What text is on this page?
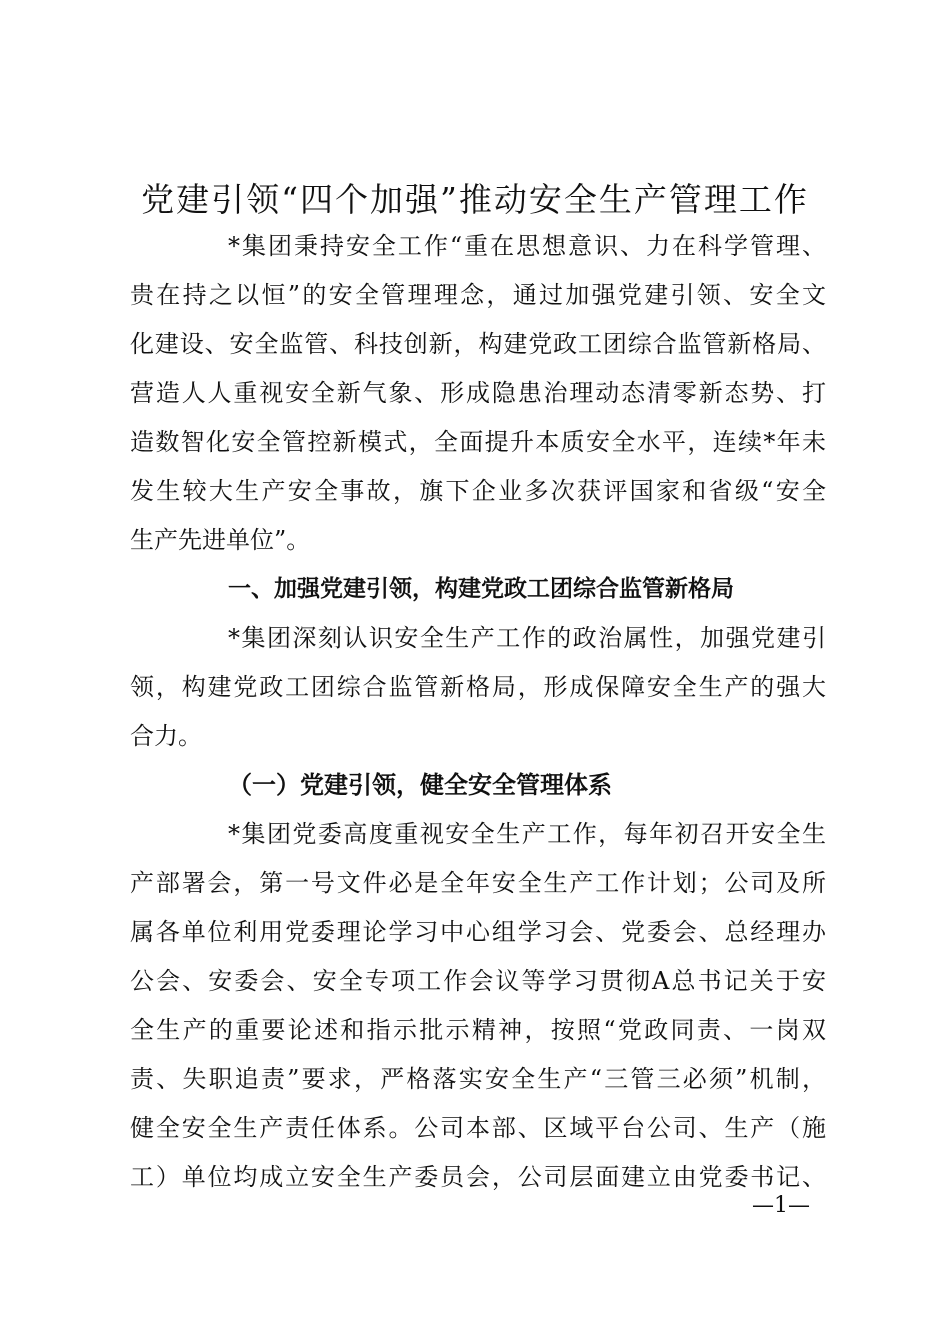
党建引领“四个加强”推动安全生产管理工作
*集团秉持安全工作“重在思想意识、力在科学管理、
贵在持之以恒”的安全管理理念，通过加强党建引领、安全文
化建设、安全监管、科技创新，构建党政工团综合监管新格局、
营造人人重视安全新气象、形成隐患治理动态清零新态势、打
造数智化安全管控新模式，全面提升本质安全水平，连续*年未
发生较大生产安全事故，旗下企业多次获评国家和省级“安全
生产先进单位”。
一、加强党建引领，构建党政工团综合监管新格局
*集团深刻认识安全生产工作的政治属性，加强党建引
领，构建党政工团综合监管新格局，形成保障安全生产的强大
合力。
（一）党建引领，健全安全管理体系
*集团党委高度重视安全生产工作，每年初召开安全生
产部署会，第一号文件必是全年安全生产工作计划；公司及所
属各单位利用党委理论学习中心组学习会、党委会、总经理办
公会、安委会、安全专项工作会议等学习贯彻A总书记关于安
全生产的重要论述和指示批示精神，按照“党政同责、一岗双
责、失职追责”要求，严格落实安全生产“三管三必须”机制，
健全安全生产责任体系。公司本部、区域平台公司、生产（施
工）单位均成立安全生产委员会，公司层面建立由党委书记、
—1—
